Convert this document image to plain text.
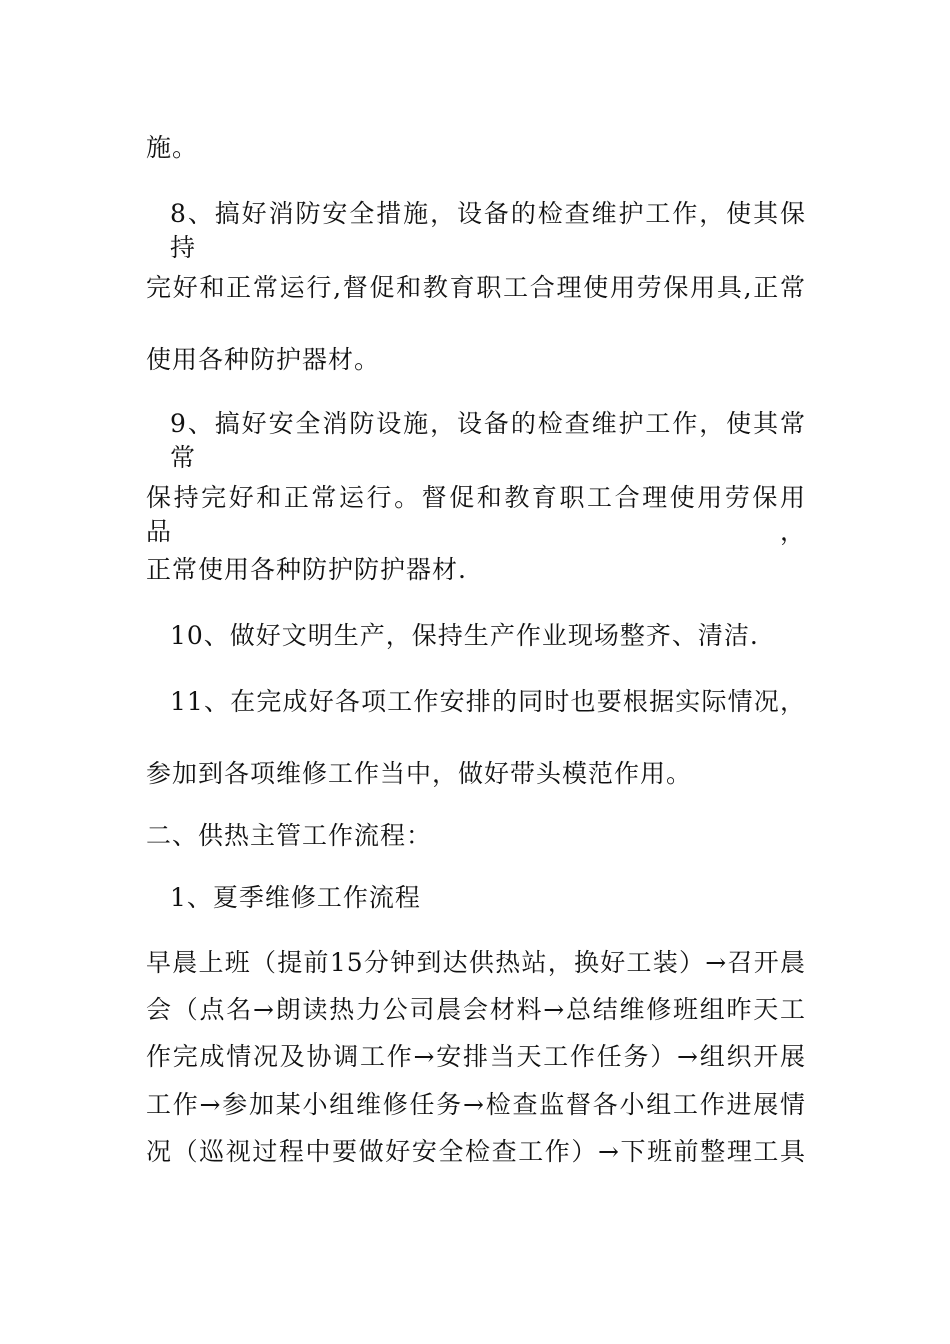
施。
8、搞好消防安全措施，设备的检查维护工作，使其保持
完好和正常运行,督促和教育职工合理使用劳保用具,正常
使用各种防护器材。
9、搞好安全消防设施，设备的检查维护工作，使其常常
保持完好和正常运行。督促和教育职工合理使用劳保用品，
正常使用各种防护防护器材.
10、做好文明生产，保持生产作业现场整齐、清洁.
11、在完成好各项工作安排的同时也要根据实际情况，
参加到各项维修工作当中，做好带头模范作用。
二、供热主管工作流程：
1、夏季维修工作流程
早晨上班（提前15分钟到达供热站，换好工装）→召开晨
会（点名→朗读热力公司晨会材料→总结维修班组昨天工
作完成情况及协调工作→安排当天工作任务）→组织开展
工作→参加某小组维修任务→检查监督各小组工作进展情
况（巡视过程中要做好安全检查工作）→下班前整理工具
